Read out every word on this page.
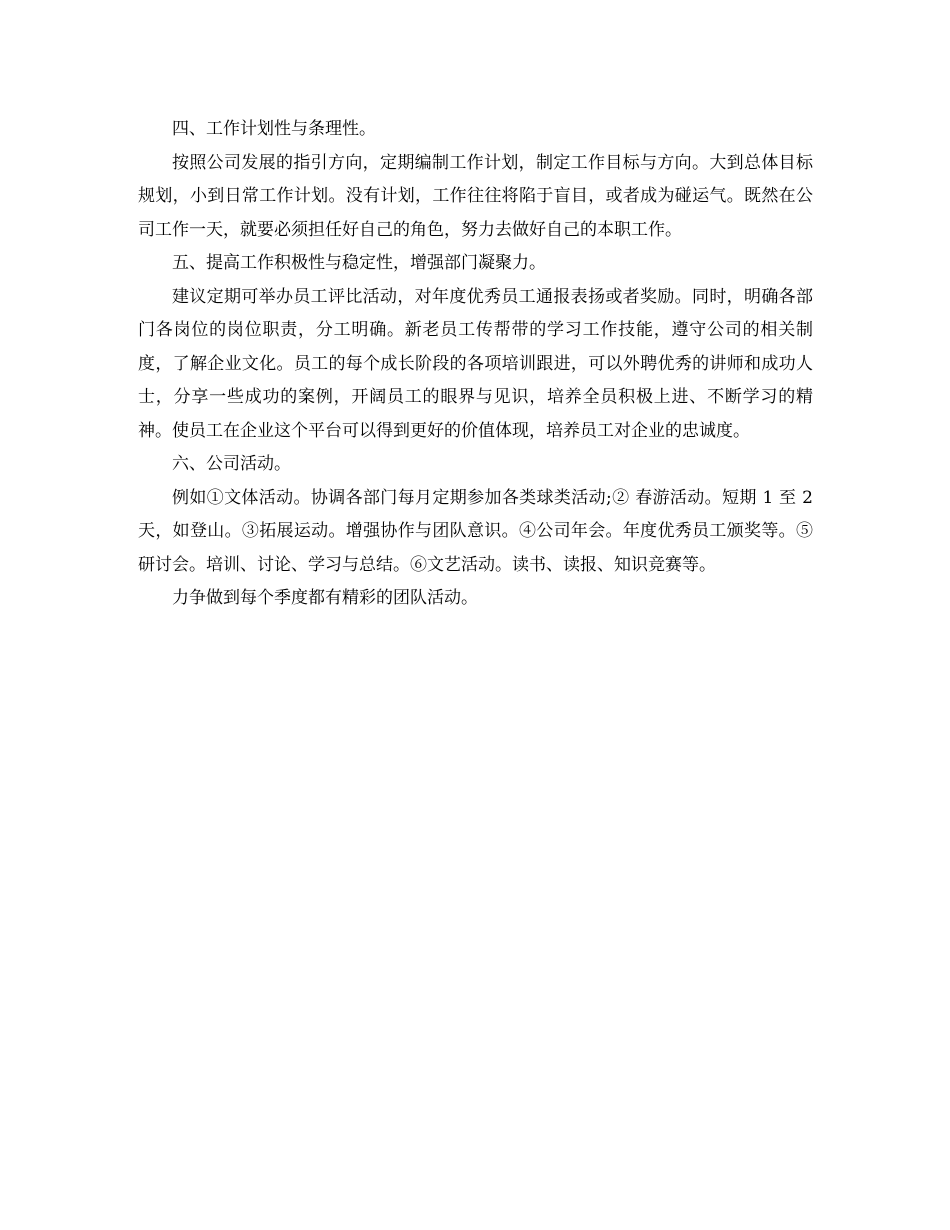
四、工作计划性与条理性。

按照公司发展的指引方向，定期编制工作计划，制定工作目标与方向。大到总体目标 规划，小到日常工作计划。没有计划，工作往往将陷于盲目，或者成为碰运气。既然在公司工作一天，就要必须担任好自己的角色，努力去做好自己的本职工作。

五、提高工作积极性与稳定性，增强部门凝聚力。

建议定期可举办员工评比活动，对年度优秀员工通报表扬或者奖励。同时，明确各部门各岗位的岗位职责，分工明确。新老员工传帮带的学习工作技能，遵守公司的相关制度，了解企业文化。员工的每个成长阶段的各项培训跟进，可以外聘优秀的讲师和成功人士，分享一些成功的案例，开阔员工的眼界与见识，培养全员积极上进、不断学习的精神。使员工在企业这个平台可以得到更好的价值体现，培养员工对企业的忠诚度。

六、公司活动。

例如①文体活动。协调各部门每月定期参加各类球类活动;② 春游活动。短期 1 至 2 天，如登山。③拓展运动。增强协作与团队意识。④公司年会。年度优秀员工颁奖等。⑤研讨会。培训、讨论、学习与总结。⑥文艺活动。读书、读报、知识竞赛等。

力争做到每个季度都有精彩的团队活动。
